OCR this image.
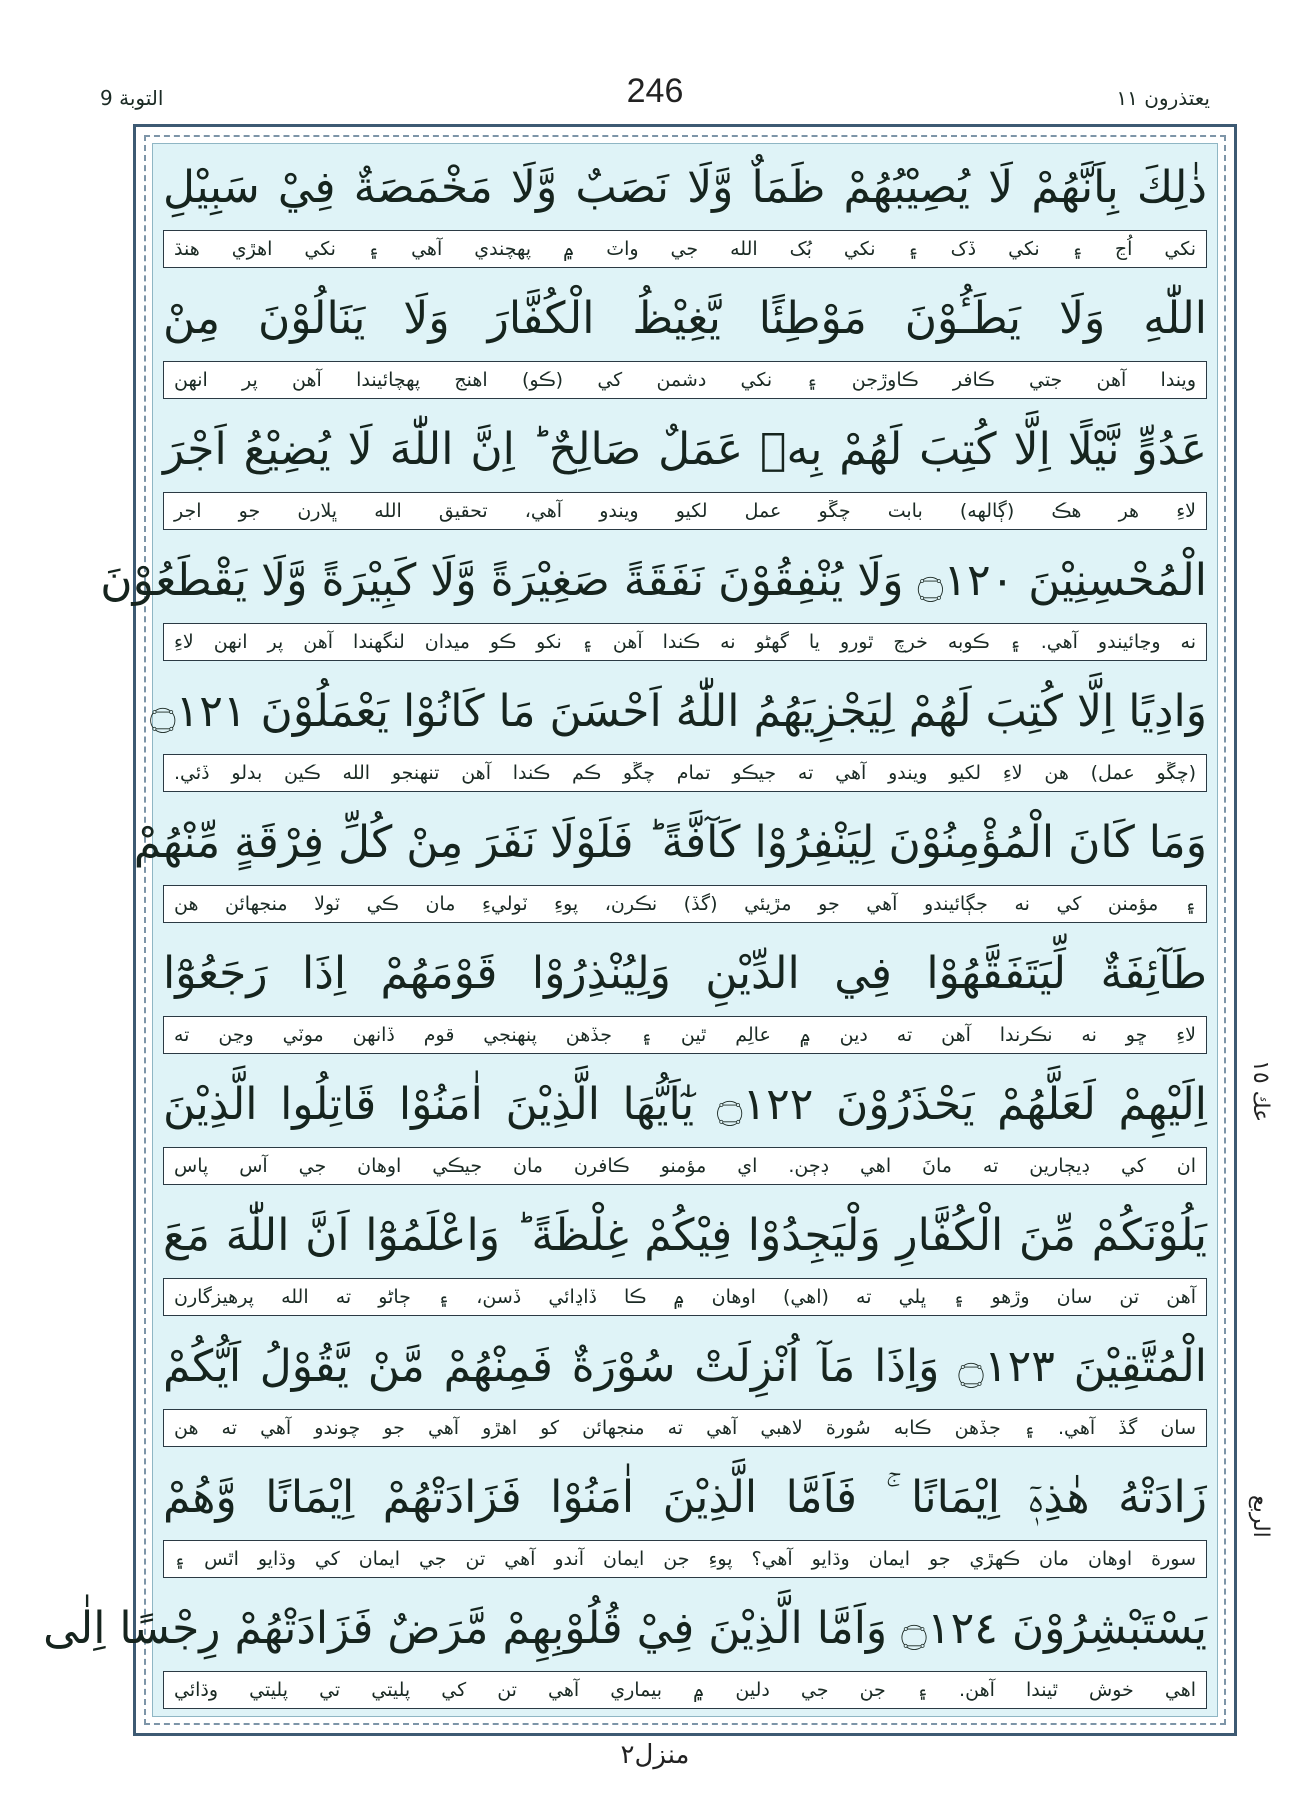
التوبة 9	246	يعتذرون ١١
ذٰلِكَ بِاَنَّهُمْ لَا يُصِيْبُهُمْ ظَمَاٌ وَّلَا نَصَبٌ وَّلَا مَخْمَصَةٌ فِيْ سَبِيْلِ
نکي اُڃ ۽ نکي ڏک ۽ نکي بُک الله جي واٽ ۾ پهچندي آهي ۽ نکي اهڙي هنڌ
اللّٰهِ وَلَا يَطَـُٔوْنَ مَوْطِئًا يَّغِيْظُ الْكُفَّارَ وَلَا يَنَالُوْنَ مِنْ
ويندا آهن جتي ڪافر ڪاوڙجن ۽ نکي دشمن کي (ڪو) اهنج پهچائيندا آهن پر انهن
عَدُوٍّ نَّيْلًا اِلَّا كُتِبَ لَهُمْ بِهٖ عَمَلٌ صَالِحٌ ؕ اِنَّ اللّٰهَ لَا يُضِيْعُ اَجْرَ
لاءِ هر هڪ (ڳالهه) بابت چڱو عمل لکيو ويندو آهي، تحقيق الله ڀلارن جو اجر
الْمُحْسِنِيْنَ ۝١٢٠ وَلَا يُنْفِقُوْنَ نَفَقَةً صَغِيْرَةً وَّلَا كَبِيْرَةً وَّلَا يَقْطَعُوْنَ
نه وڃائيندو آهي. ۽ ڪوبه خرچ ٿورو يا گهڻو نه ڪندا آهن ۽ نکو ڪو ميدان لنگهندا آهن پر انهن لاءِ
وَادِيًا اِلَّا كُتِبَ لَهُمْ لِيَجْزِيَهُمُ اللّٰهُ اَحْسَنَ مَا كَانُوْا يَعْمَلُوْنَ ۝١٢١
(چڱو عمل) هن لاءِ لکيو ويندو آهي ته جيڪو تمام چڱو ڪم ڪندا آهن تنهنجو الله ڪين بدلو ڏئي.
وَمَا كَانَ الْمُؤْمِنُوْنَ لِيَنْفِرُوْا كَآفَّةً ؕ فَلَوْلَا نَفَرَ مِنْ كُلِّ فِرْقَةٍ مِّنْهُمْ
۽ مؤمنن کي نه جڳائيندو آهي جو مڙيئي (گڏ) نڪرن، پوءِ ٽوليءِ مان ڪي ٽولا منجهائن هن
طَآئِفَةٌ لِّيَتَفَقَّهُوْا فِي الدِّيْنِ وَلِيُنْذِرُوْا قَوْمَهُمْ اِذَا رَجَعُوْٓا
لاءِ ڇو نه نڪرندا آهن ته دين ۾ عالِم ٿين ۽ جڏهن پنهنجي قوم ڏانهن موٽي وڃن ته
اِلَيْهِمْ لَعَلَّهُمْ يَحْذَرُوْنَ ۝١٢٢ يٰٓاَيُّهَا الَّذِيْنَ اٰمَنُوْا قَاتِلُوا الَّذِيْنَ
ان کي ڊيڄارين ته مانَ اهي ڊڄن. اي مؤمنو ڪافرن مان جيڪي اوهان جي آس پاس
يَلُوْنَكُمْ مِّنَ الْكُفَّارِ وَلْيَجِدُوْا فِيْكُمْ غِلْظَةً ؕ وَاعْلَمُوْٓا اَنَّ اللّٰهَ مَعَ
آهن تن سان وڙهو ۽ ڀلي ته (اهي) اوهان ۾ ڪا ڏاڍائي ڏسن، ۽ ڄاڻو ته الله پرهيزگارن
الْمُتَّقِيْنَ ۝١٢٣ وَاِذَا مَآ اُنْزِلَتْ سُوْرَةٌ فَمِنْهُمْ مَّنْ يَّقُوْلُ اَيُّكُمْ
سان گڏ آهي. ۽ جڏهن ڪابه سُورة لاهبي آهي ته منجهائن کو اهڙو آهي جو چوندو آهي ته هن
زَادَتْهُ هٰذِهٖٓ اِيْمَانًا ۚ فَاَمَّا الَّذِيْنَ اٰمَنُوْا فَزَادَتْهُمْ اِيْمَانًا وَّهُمْ
سورة اوهان مان ڪهڙي جو ايمان وڌايو آهي؟ پوءِ جن ايمان آندو آهي تن جي ايمان کي وڌايو اٿس ۽
يَسْتَبْشِرُوْنَ ۝١٢٤ وَاَمَّا الَّذِيْنَ فِيْ قُلُوْبِهِمْ مَّرَضٌ فَزَادَتْهُمْ رِجْسًا اِلٰى
اهي خوش ٿيندا آهن. ۽ جن جي دلين ۾ بيماري آهي تن کي پليتي تي پليتي وڌائي
عك ١٥
الربع
منزل٢
